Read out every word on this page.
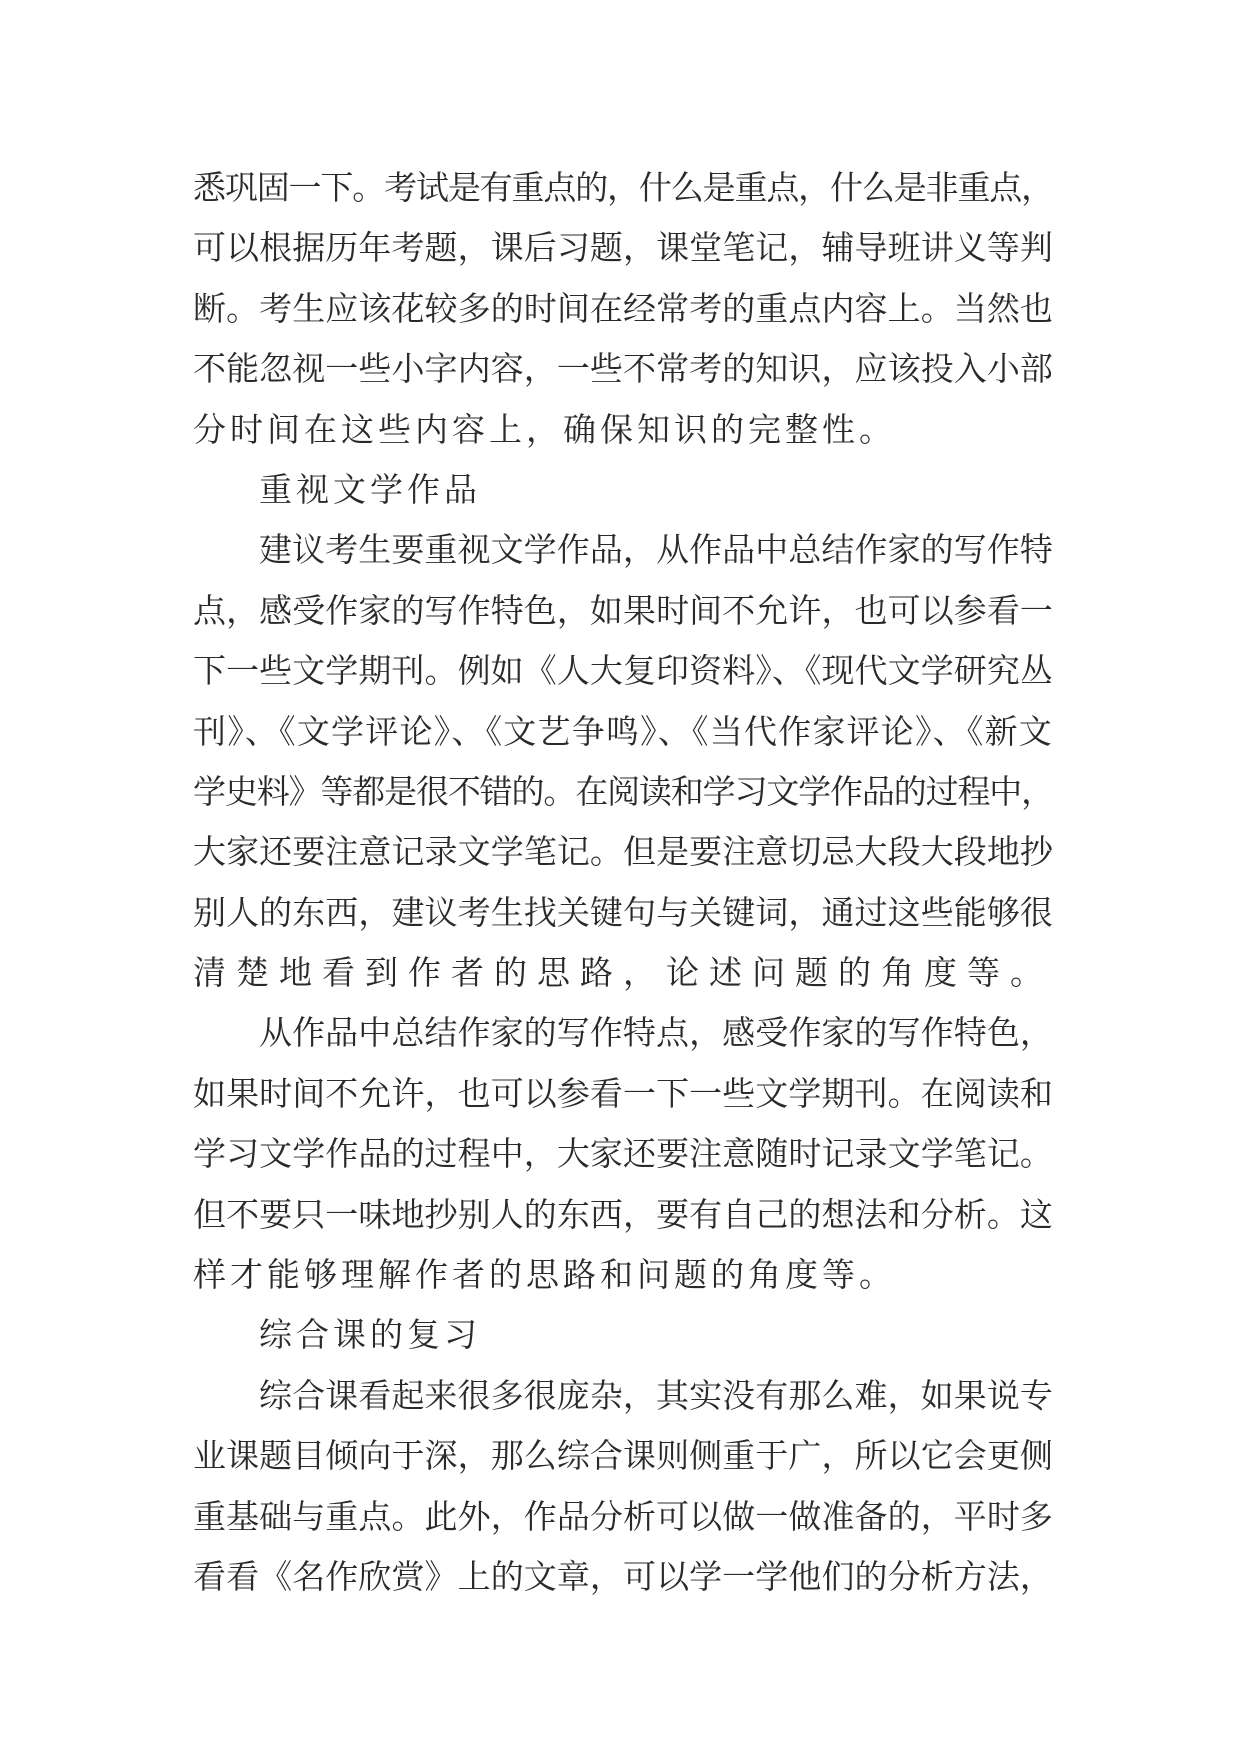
悉巩固一下。考试是有重点的，什么是重点，什么是非重点，
可以根据历年考题，课后习题，课堂笔记，辅导班讲义等判
断。考生应该花较多的时间在经常考的重点内容上。当然也
不能忽视一些小字内容，一些不常考的知识，应该投入小部
分时间在这些内容上，确保知识的完整性。
重视文学作品
建议考生要重视文学作品，从作品中总结作家的写作特
点，感受作家的写作特色，如果时间不允许，也可以参看一
下一些文学期刊。例如《人大复印资料》、《现代文学研究丛
刊》、《文学评论》、《文艺争鸣》、《当代作家评论》、《新文
学史料》等都是很不错的。在阅读和学习文学作品的过程中，
大家还要注意记录文学笔记。但是要注意切忌大段大段地抄
别人的东西，建议考生找关键句与关键词，通过这些能够很
清楚地看到作者的思路，论述问题的角度等。
从作品中总结作家的写作特点，感受作家的写作特色，
如果时间不允许，也可以参看一下一些文学期刊。在阅读和
学习文学作品的过程中，大家还要注意随时记录文学笔记。
但不要只一味地抄别人的东西，要有自己的想法和分析。这
样才能够理解作者的思路和问题的角度等。
综合课的复习
综合课看起来很多很庞杂，其实没有那么难，如果说专
业课题目倾向于深，那么综合课则侧重于广，所以它会更侧
重基础与重点。此外，作品分析可以做一做准备的，平时多
看看《名作欣赏》上的文章，可以学一学他们的分析方法，
